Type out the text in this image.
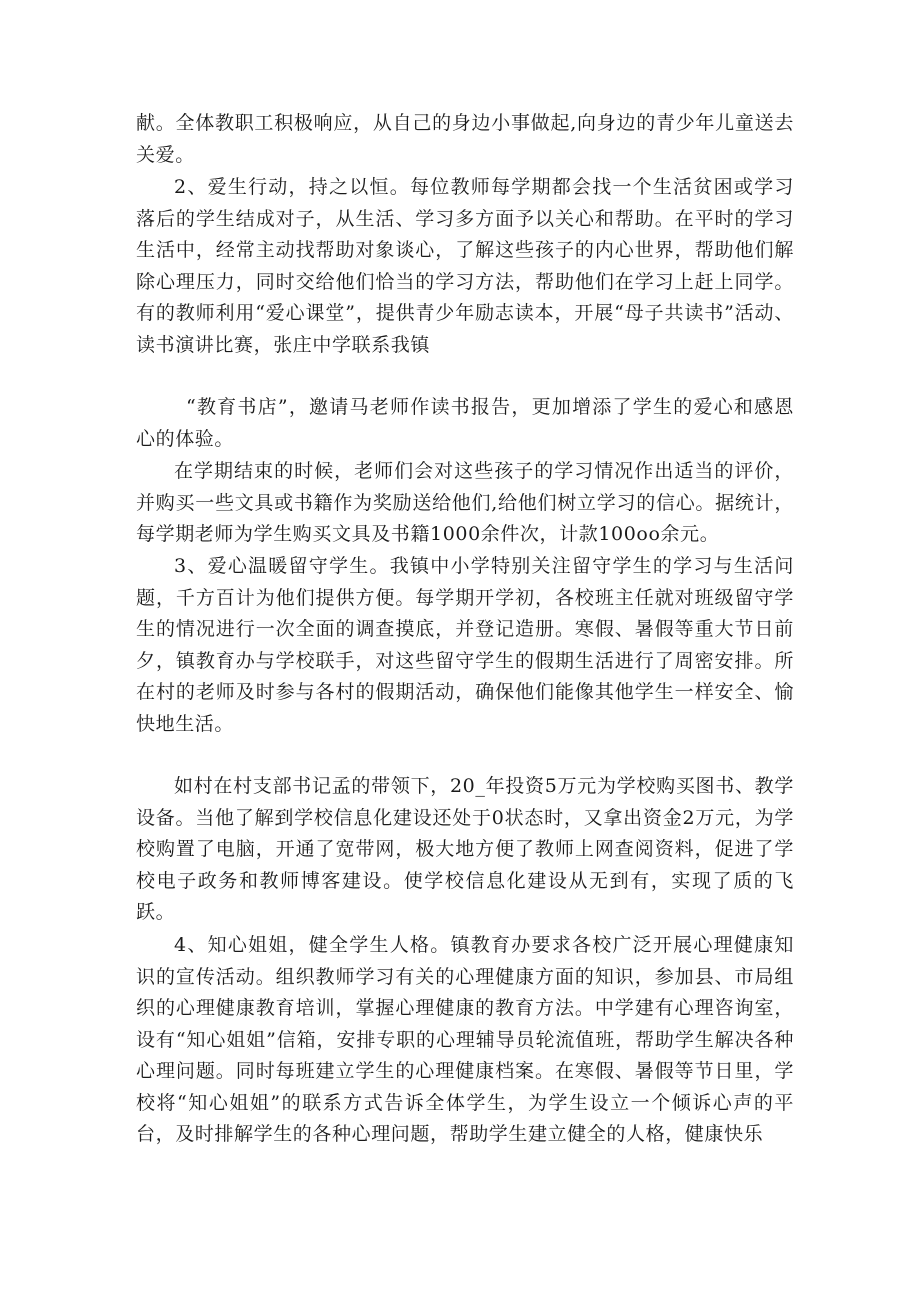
献。全体教职工积极响应，从自己的身边小事做起,向身边的青少年儿童送去关爱。

2、爱生行动，持之以恒。每位教师每学期都会找一个生活贫困或学习落后的学生结成对子，从生活、学习多方面予以关心和帮助。在平时的学习生活中，经常主动找帮助对象谈心，了解这些孩子的内心世界，帮助他们解除心理压力，同时交给他们恰当的学习方法，帮助他们在学习上赶上同学。有的教师利用“爱心课堂”，提供青少年励志读本，开展“母子共读书”活动、读书演讲比赛，张庄中学联系我镇

“教育书店”，邀请马老师作读书报告，更加增添了学生的爱心和感恩心的体验。

在学期结束的时候，老师们会对这些孩子的学习情况作出适当的评价，并购买一些文具或书籍作为奖励送给他们,给他们树立学习的信心。据统计，每学期老师为学生购买文具及书籍1000余件次，计款100oo余元。

3、爱心温暖留守学生。我镇中小学特别关注留守学生的学习与生活问题，千方百计为他们提供方便。每学期开学初，各校班主任就对班级留守学生的情况进行一次全面的调查摸底，并登记造册。寒假、暑假等重大节日前夕，镇教育办与学校联手，对这些留守学生的假期生活进行了周密安排。所在村的老师及时参与各村的假期活动，确保他们能像其他学生一样安全、愉快地生活。

如村在村支部书记孟的带领下，20_年投资5万元为学校购买图书、教学设备。当他了解到学校信息化建设还处于0状态时，又拿出资金2万元，为学校购置了电脑，开通了宽带网，极大地方便了教师上网查阅资料，促进了学校电子政务和教师博客建设。使学校信息化建设从无到有，实现了质的飞跃。

4、知心姐姐，健全学生人格。镇教育办要求各校广泛开展心理健康知识的宣传活动。组织教师学习有关的心理健康方面的知识，参加县、市局组织的心理健康教育培训，掌握心理健康的教育方法。中学建有心理咨询室，设有“知心姐姐”信箱，安排专职的心理辅导员轮流值班，帮助学生解决各种心理问题。同时每班建立学生的心理健康档案。在寒假、暑假等节日里，学校将“知心姐姐”的联系方式告诉全体学生，为学生设立一个倾诉心声的平台，及时排解学生的各种心理问题，帮助学生建立健全的人格，健康快乐
